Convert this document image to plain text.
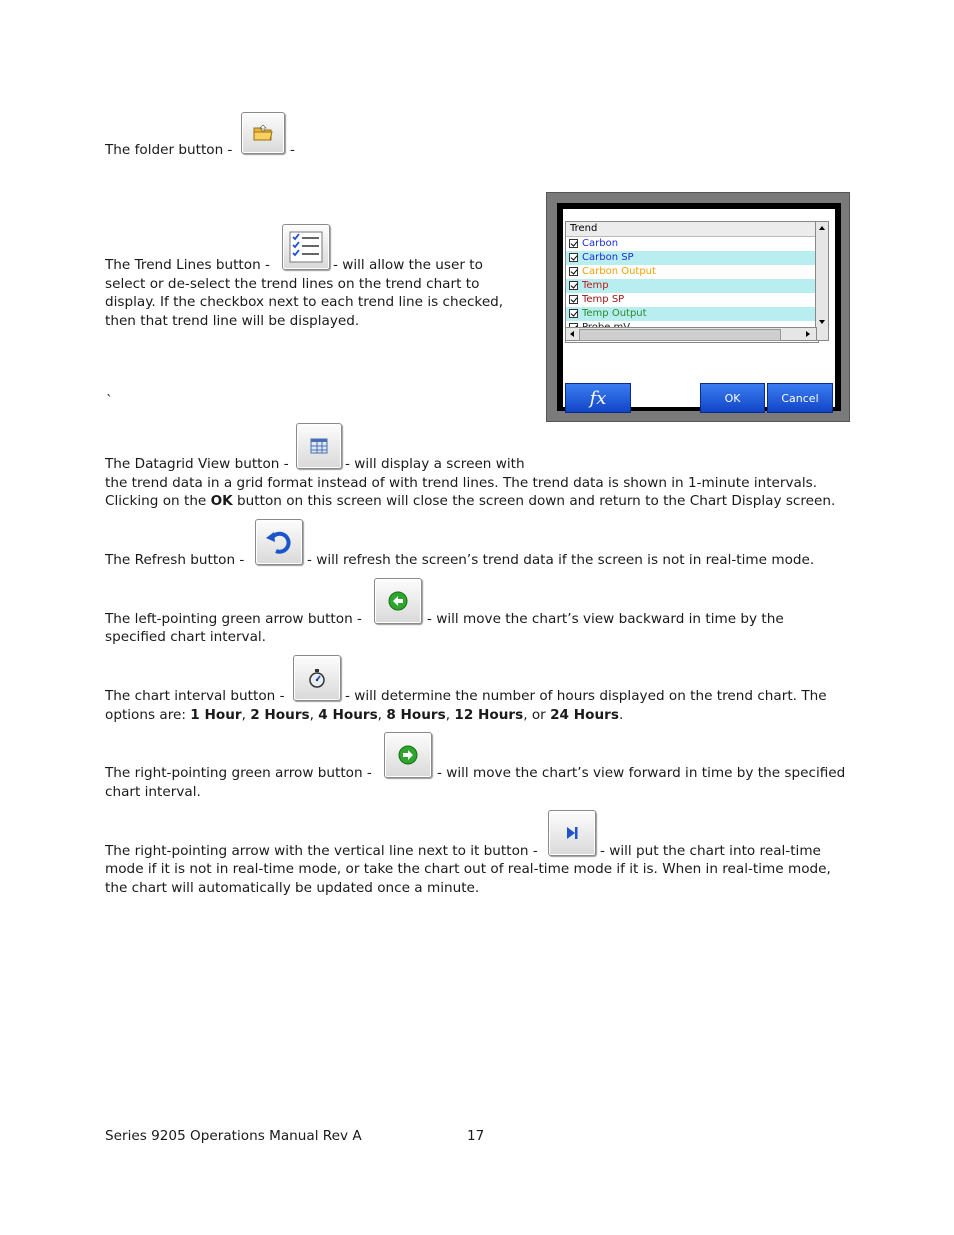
The folder button -	-
The Trend Lines button -	- will allow the user to
select or de-select the trend lines on the trend chart to
display. If the checkbox next to each trend line is checked,
then that trend line will be displayed.
`
Trend
Carbon
Carbon SP
Carbon Output
Temp
Temp SP
Temp Output
fx	OK	Cancel
The Datagrid View button -	- will display a screen with
the trend data in a grid format instead of with trend lines. The trend data is shown in 1-minute intervals.
Clicking on the OK button on this screen will close the screen down and return to the Chart Display screen.
The Refresh button -	- will refresh the screen’s trend data if the screen is not in real-time mode.
The left-pointing green arrow button -	- will move the chart’s view backward in time by the
specified chart interval.
The chart interval button -	- will determine the number of hours displayed on the trend chart. The
options are: 1 Hour, 2 Hours, 4 Hours, 8 Hours, 12 Hours, or 24 Hours.
The right-pointing green arrow button -	- will move the chart’s view forward in time by the specified
chart interval.
The right-pointing arrow with the vertical line next to it button -	- will put the chart into real-time
mode if it is not in real-time mode, or take the chart out of real-time mode if it is. When in real-time mode,
the chart will automatically be updated once a minute.
Series 9205 Operations Manual Rev A	17
